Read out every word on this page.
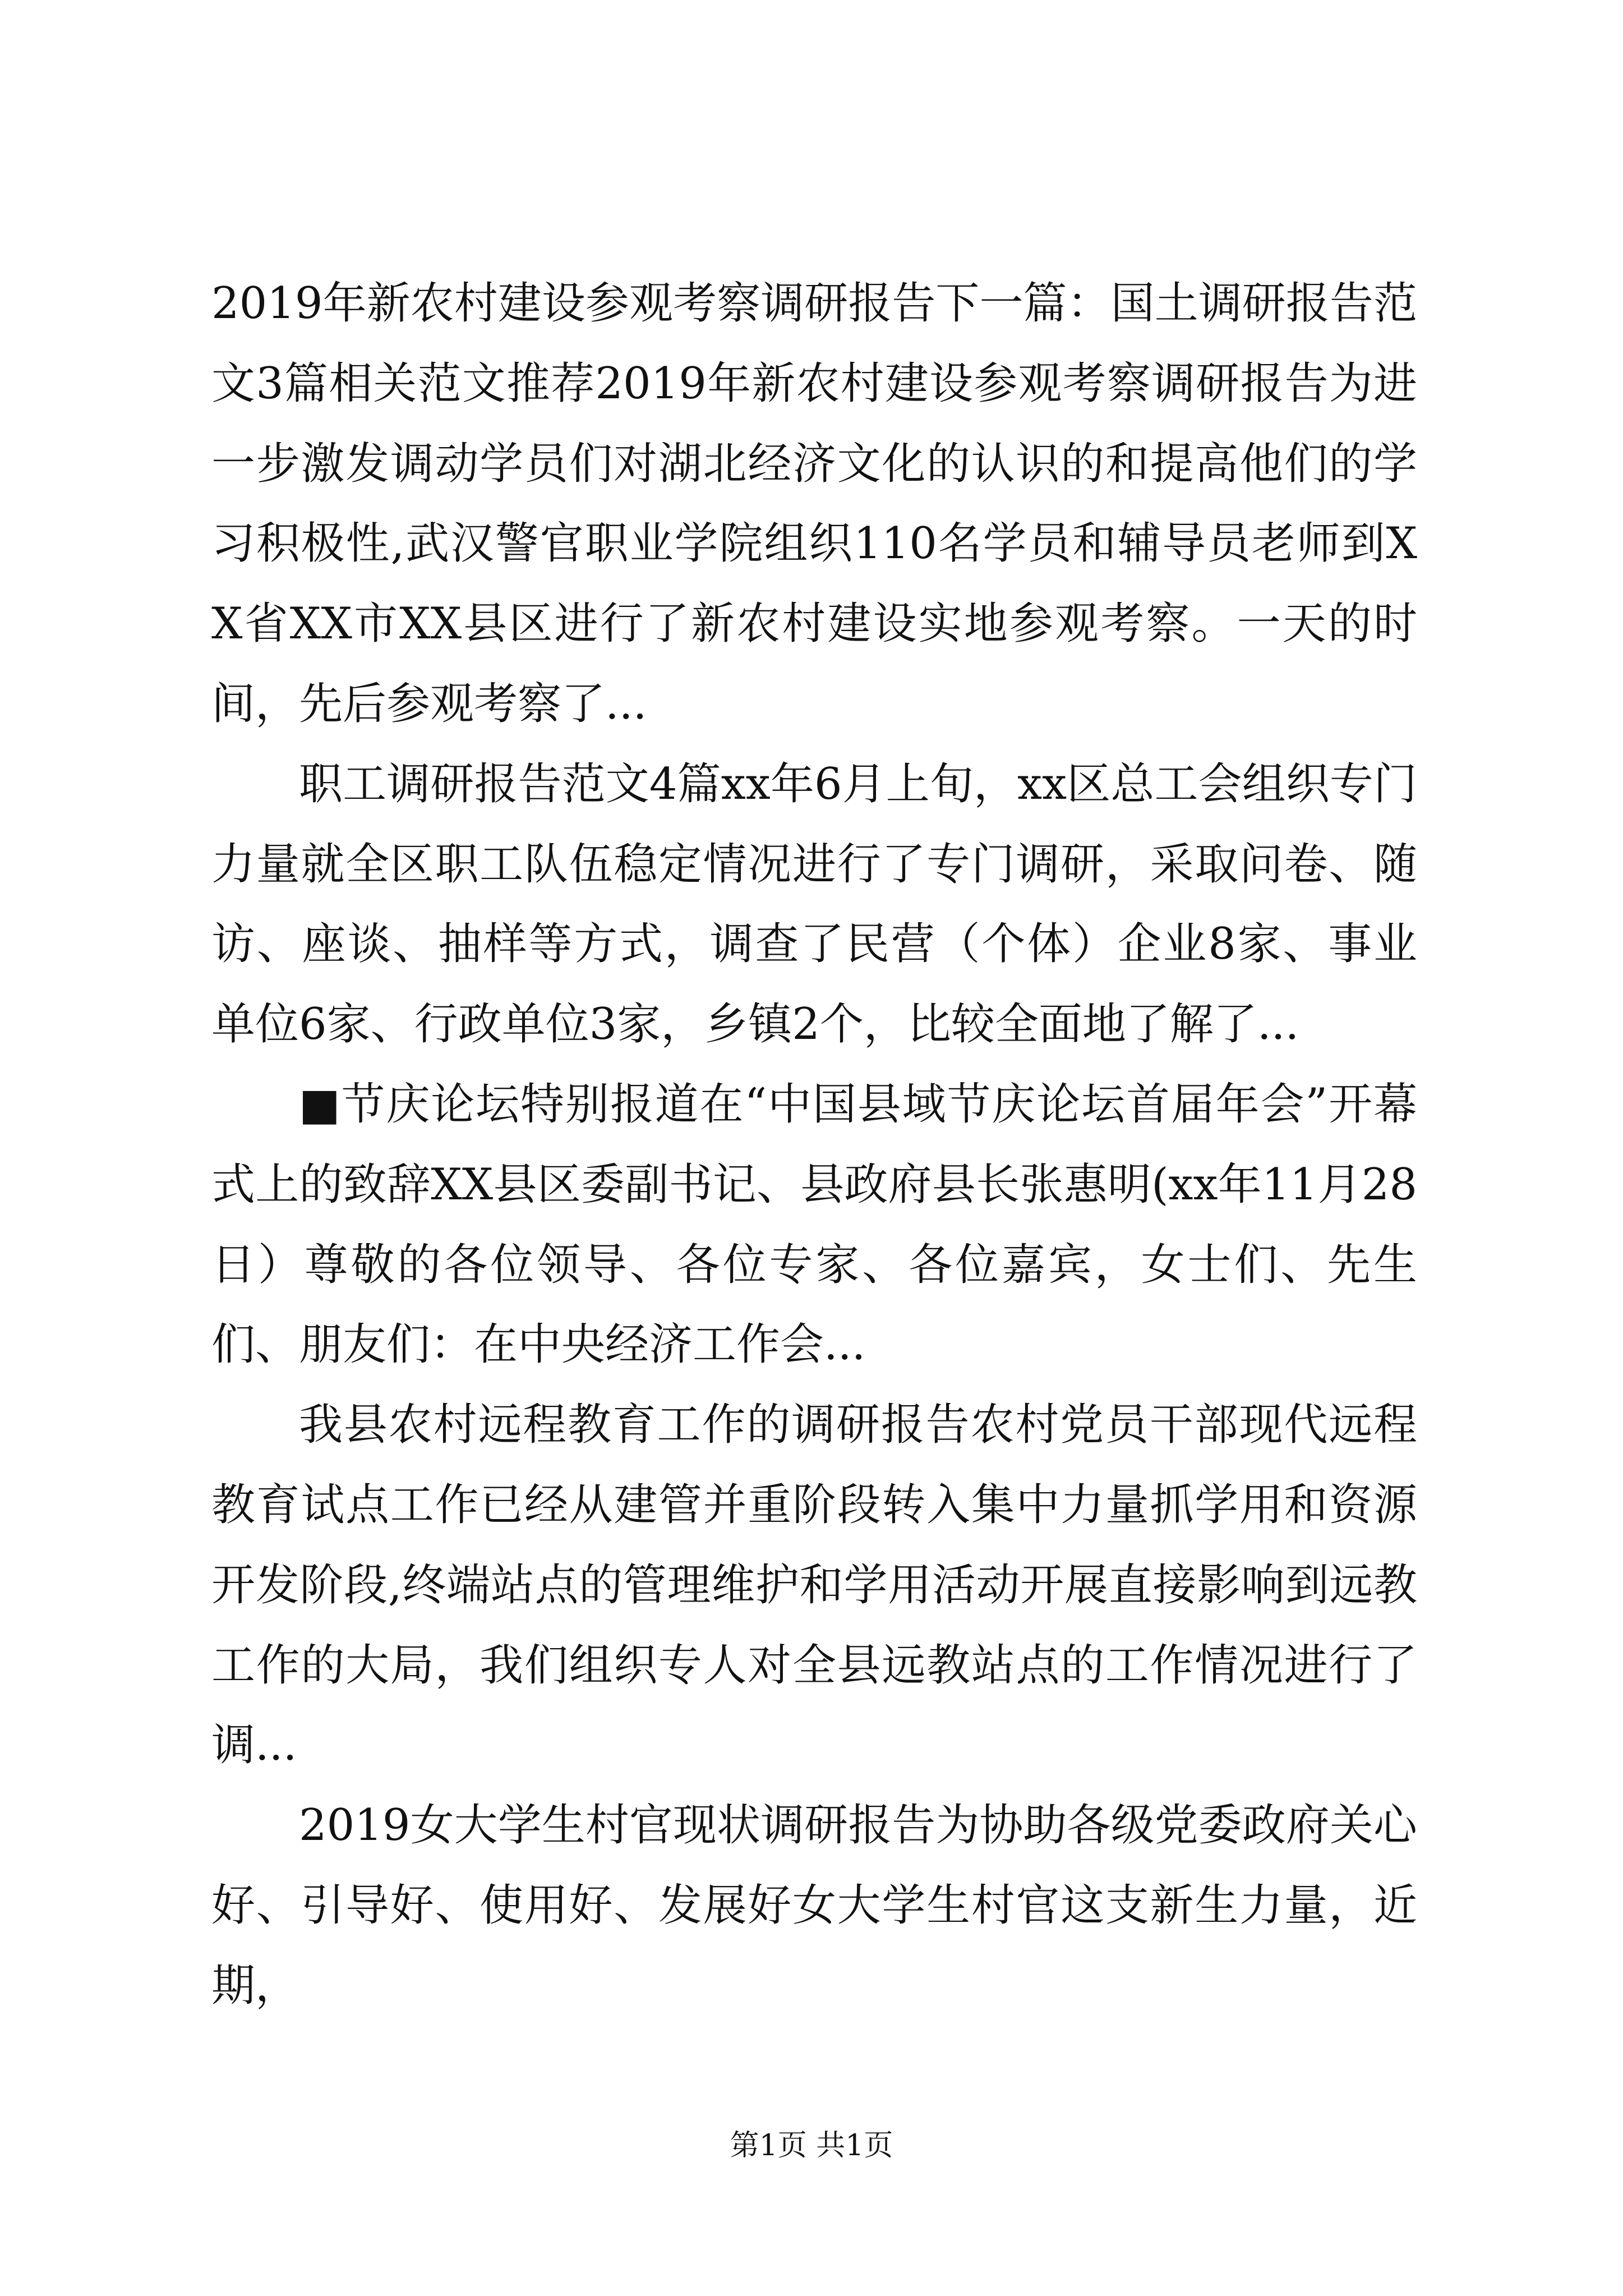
2019年新农村建设参观考察调研报告下一篇：国土调研报告范文3篇相关范文推荐2019年新农村建设参观考察调研报告为进一步激发调动学员们对湖北经济文化的认识的和提高他们的学习积极性,武汉警官职业学院组织110名学员和辅导员老师到XX省XX市XX县区进行了新农村建设实地参观考察。一天的时间，先后参观考察了...

职工调研报告范文4篇xx年6月上旬，xx区总工会组织专门力量就全区职工队伍稳定情况进行了专门调研，采取问卷、随访、座谈、抽样等方式，调查了民营（个体）企业8家、事业单位6家、行政单位3家，乡镇2个，比较全面地了解了...

■节庆论坛特别报道在“中国县域节庆论坛首届年会”开幕式上的致辞XX县区委副书记、县政府县长张惠明(xx年11月28日）尊敬的各位领导、各位专家、各位嘉宾，女士们、先生们、朋友们：在中央经济工作会...

我县农村远程教育工作的调研报告农村党员干部现代远程教育试点工作已经从建管并重阶段转入集中力量抓学用和资源开发阶段,终端站点的管理维护和学用活动开展直接影响到远教工作的大局，我们组织专人对全县远教站点的工作情况进行了调...

2019女大学生村官现状调研报告为协助各级党委政府关心好、引导好、使用好、发展好女大学生村官这支新生力量，近期，

第1页 共1页
